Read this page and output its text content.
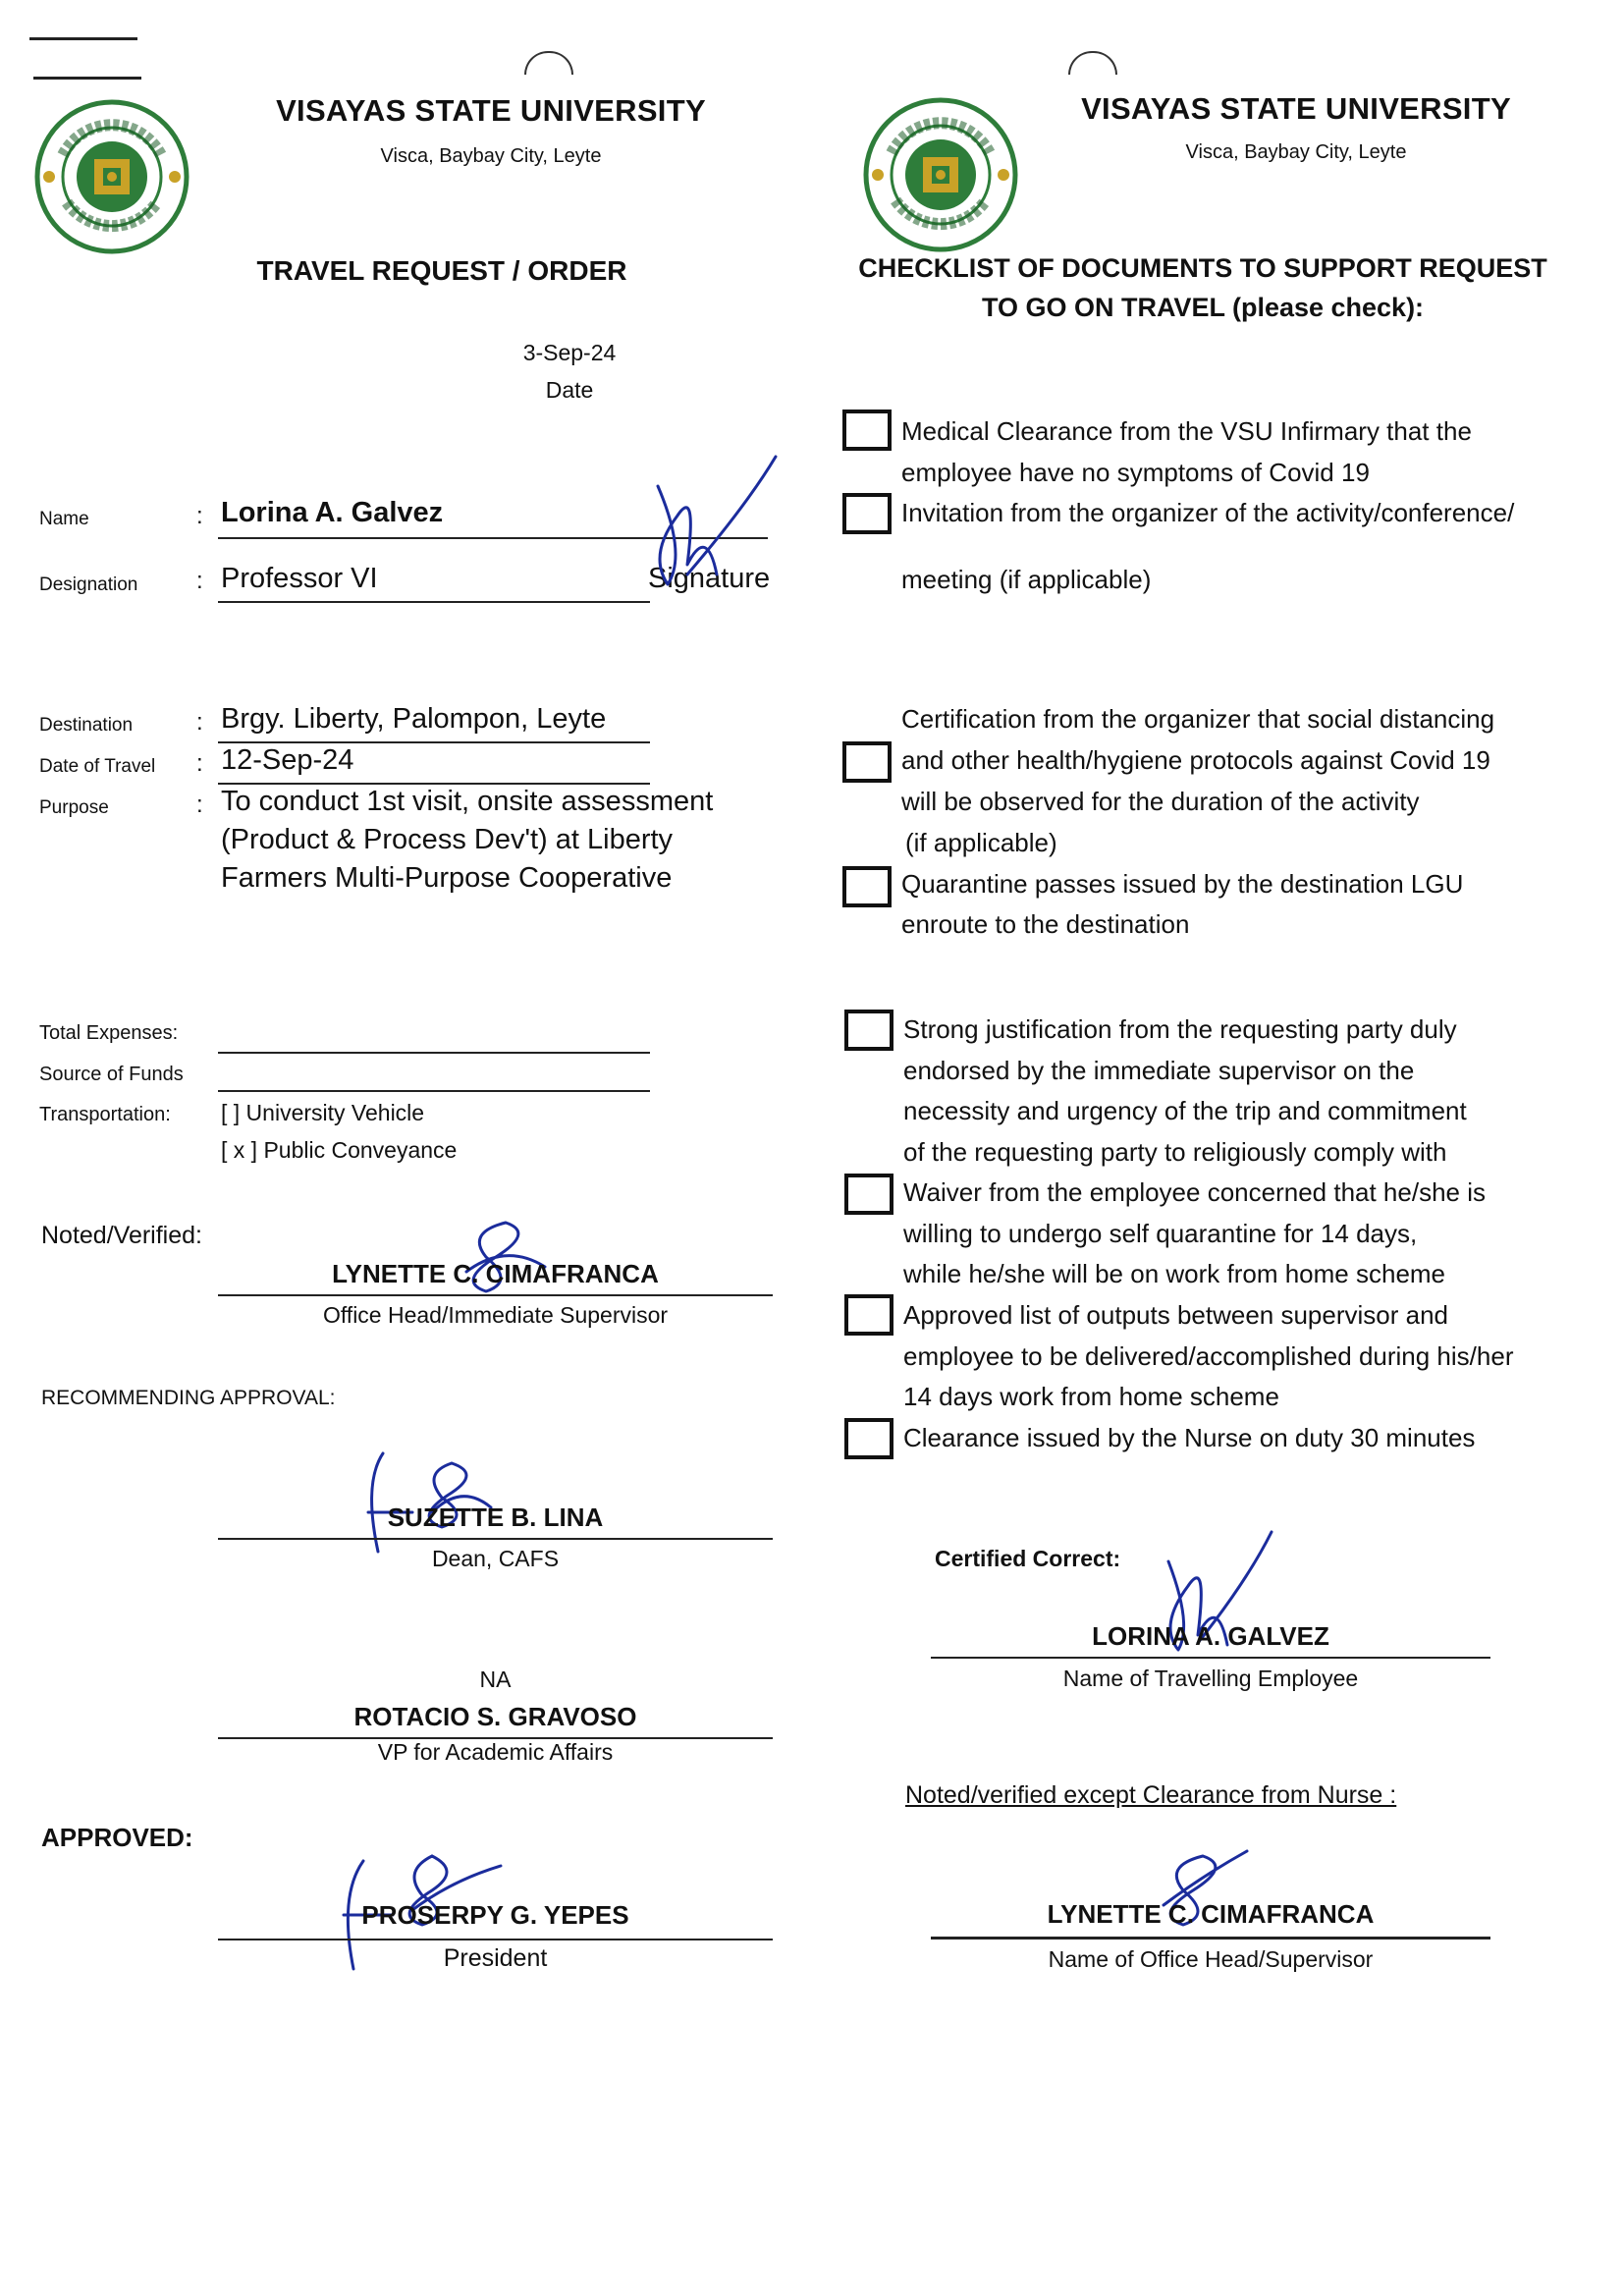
VISAYAS STATE UNIVERSITY
Visca, Baybay City, Leyte
VISAYAS STATE UNIVERSITY
Visca, Baybay City, Leyte
TRAVEL REQUEST / ORDER
3-Sep-24
Date
Name	: Lorina A. Galvez
Designation : Professor VI	Signature
Destination	: Brgy. Liberty, Palompon, Leyte
Date of Travel : 12-Sep-24
Purpose	: To conduct 1st visit, onsite assessment
(Product & Process Dev't) at Liberty
Farmers Multi-Purpose Cooperative
Total Expenses:
Source of Funds
Transportation: [ ] University Vehicle
[ x ] Public Conveyance
Noted/Verified:
LYNETTE C. CIMAFRANCA
Office Head/Immediate Supervisor
RECOMMENDING APPROVAL:
SUZETTE B. LINA
Dean, CAFS
NA
ROTACIO S. GRAVOSO
VP for Academic Affairs
APPROVED:
PROSERPY G. YEPES
President
CHECKLIST OF DOCUMENTS TO SUPPORT REQUEST
TO GO ON TRAVEL (please check):
Medical Clearance from the VSU Infirmary that the
employee have no symptoms of Covid 19
Invitation from the organizer of the activity/conference/
meeting (if applicable)
Certification from the organizer that social distancing
and other health/hygiene protocols against Covid 19
will be observed for the duration of the activity
(if applicable)
Quarantine passes issued by the destination LGU
enroute to the destination
Strong justification from the requesting party duly
endorsed by the immediate supervisor on the
necessity and urgency of the trip and commitment
of the requesting party to religiously comply with
Waiver from the employee concerned that he/she is
willing to undergo self quarantine for 14 days,
while he/she will be on work from home scheme
Approved list of outputs between supervisor and
employee to be delivered/accomplished during his/her
14 days work from home scheme
Clearance issued by the Nurse on duty 30 minutes
Certified Correct:
LORINA A. GALVEZ
Name of Travelling Employee
Noted/verified except Clearance from Nurse :
LYNETTE C. CIMAFRANCA
Name of Office Head/Supervisor
